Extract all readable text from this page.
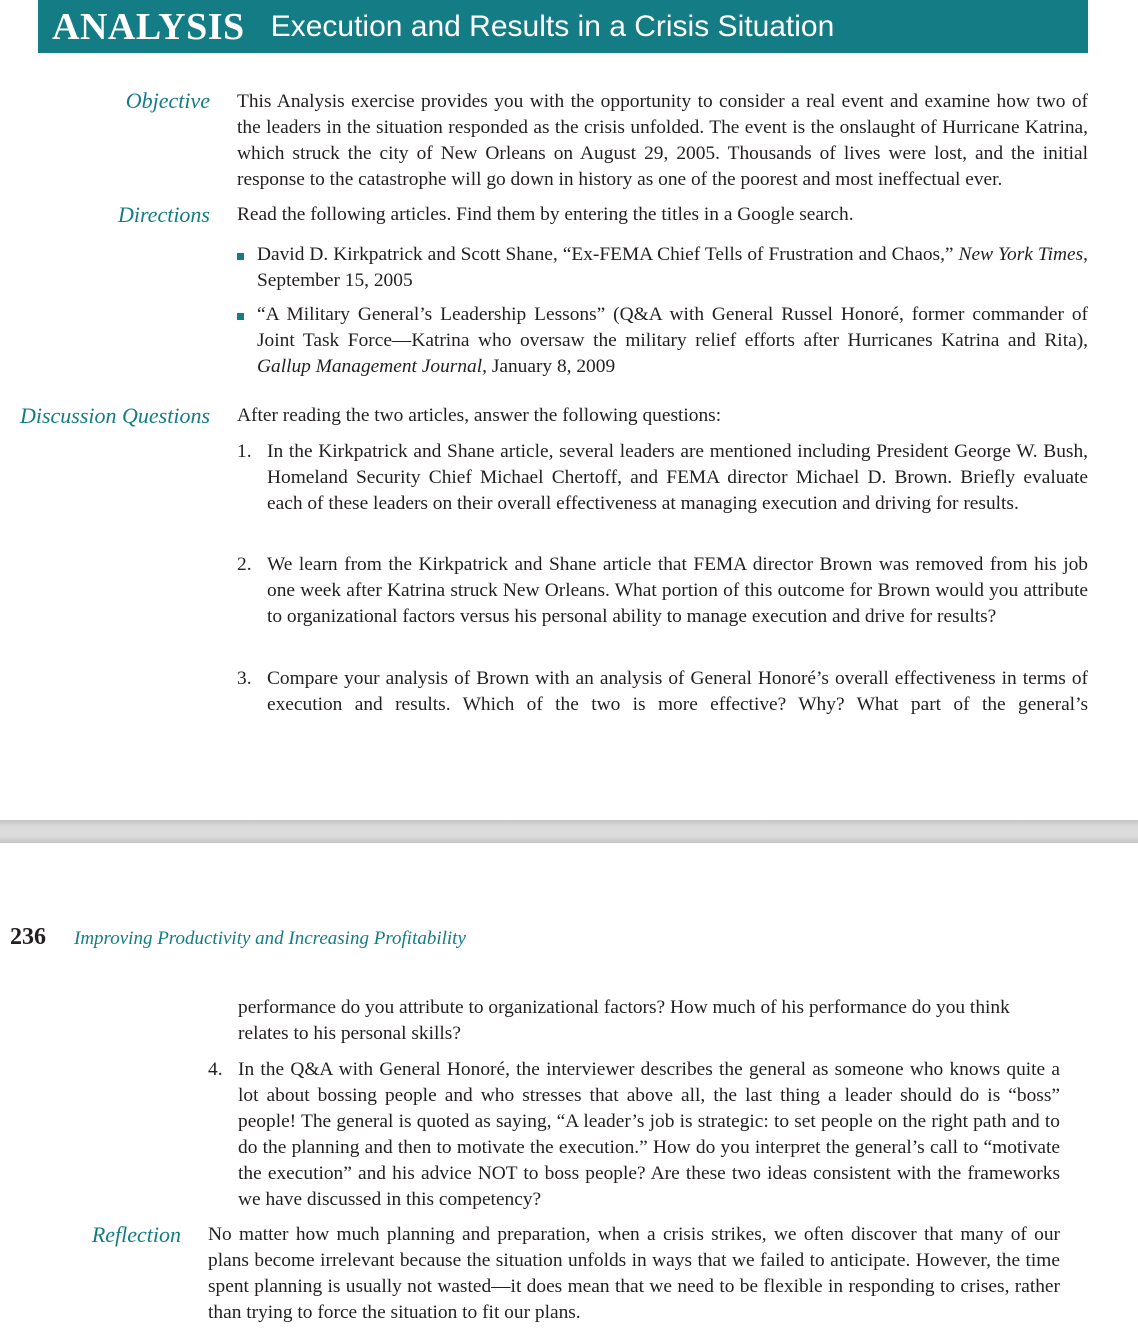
ANALYSIS Execution and Results in a Crisis Situation
Objective This Analysis exercise provides you with the opportunity to consider a real event and examine how two of the leaders in the situation responded as the crisis unfolded. The event is the onslaught of Hurricane Katrina, which struck the city of New Orleans on August 29, 2005. Thousands of lives were lost, and the initial response to the catastrophe will go down in history as one of the poorest and most ineffectual ever.
Directions Read the following articles. Find them by entering the titles in a Google search.
David D. Kirkpatrick and Scott Shane, “Ex-FEMA Chief Tells of Frustration and Chaos,” New York Times, September 15, 2005
“A Military General’s Leadership Lessons” (Q&A with General Russel Honoré, former commander of Joint Task Force—Katrina who oversaw the military relief efforts after Hurricanes Katrina and Rita), Gallup Management Journal, January 8, 2009
Discussion Questions After reading the two articles, answer the following questions:
1. In the Kirkpatrick and Shane article, several leaders are mentioned including President George W. Bush, Homeland Security Chief Michael Chertoff, and FEMA director Michael D. Brown. Briefly evaluate each of these leaders on their overall effectiveness at managing execution and driving for results.
2. We learn from the Kirkpatrick and Shane article that FEMA director Brown was removed from his job one week after Katrina struck New Orleans. What portion of this outcome for Brown would you attribute to organizational factors versus his personal ability to manage execution and drive for results?
3. Compare your analysis of Brown with an analysis of General Honoré’s overall effectiveness in terms of execution and results. Which of the two is more effective? Why? What part of the general’s
236 Improving Productivity and Increasing Profitability
performance do you attribute to organizational factors? How much of his performance do you think relates to his personal skills?
4. In the Q&A with General Honoré, the interviewer describes the general as someone who knows quite a lot about bossing people and who stresses that above all, the last thing a leader should do is “boss” people! The general is quoted as saying, “A leader’s job is strategic: to set people on the right path and to do the planning and then to motivate the execution.” How do you interpret the general’s call to “motivate the execution” and his advice NOT to boss people? Are these two ideas consistent with the frameworks we have discussed in this competency?
Reflection No matter how much planning and preparation, when a crisis strikes, we often discover that many of our plans become irrelevant because the situation unfolds in ways that we failed to anticipate. However, the time spent planning is usually not wasted—it does mean that we need to be flexible in responding to crises, rather than trying to force the situation to fit our plans.
